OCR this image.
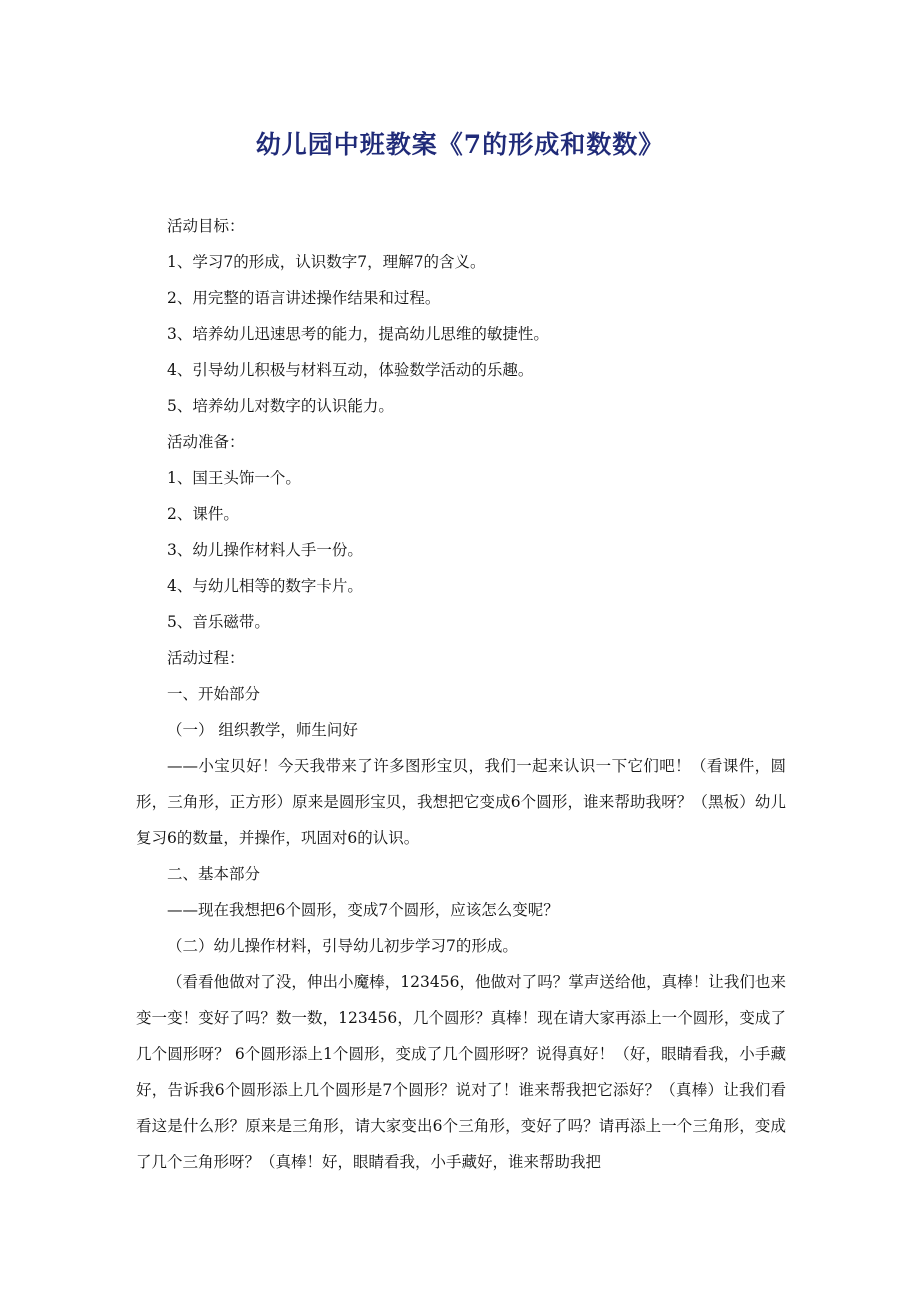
幼儿园中班教案《7的形成和数数》

活动目标：

1、学习7的形成，认识数字7，理解7的含义。

2、用完整的语言讲述操作结果和过程。

3、培养幼儿迅速思考的能力，提高幼儿思维的敏捷性。

4、引导幼儿积极与材料互动，体验数学活动的乐趣。

5、培养幼儿对数字的认识能力。

活动准备：

1、国王头饰一个。

2、课件。

3、幼儿操作材料人手一份。

4、与幼儿相等的数字卡片。

5、音乐磁带。

活动过程：

一、开始部分

（一） 组织教学，师生问好

——小宝贝好！今天我带来了许多图形宝贝，我们一起来认识一下它们吧！（看课件，圆形，三角形，正方形）原来是圆形宝贝，我想把它变成6个圆形，谁来帮助我呀？（黑板）幼儿复习6的数量，并操作，巩固对6的认识。

二、基本部分

——现在我想把6个圆形，变成7个圆形，应该怎么变呢？

（二）幼儿操作材料，引导幼儿初步学习7的形成。

（看看他做对了没，伸出小魔棒，123456，他做对了吗？掌声送给他，真棒！让我们也来变一变！变好了吗？数一数，123456，几个圆形？真棒！现在请大家再添上一个圆形，变成了几个圆形呀？ 6个圆形添上1个圆形，变成了几个圆形呀？说得真好！（好，眼睛看我，小手藏好，告诉我6个圆形添上几个圆形是7个圆形？说对了！谁来帮我把它添好？（真棒）让我们看看这是什么形？原来是三角形，请大家变出6个三角形，变好了吗？请再添上一个三角形，变成了几个三角形呀？（真棒！好，眼睛看我，小手藏好，谁来帮助我把
